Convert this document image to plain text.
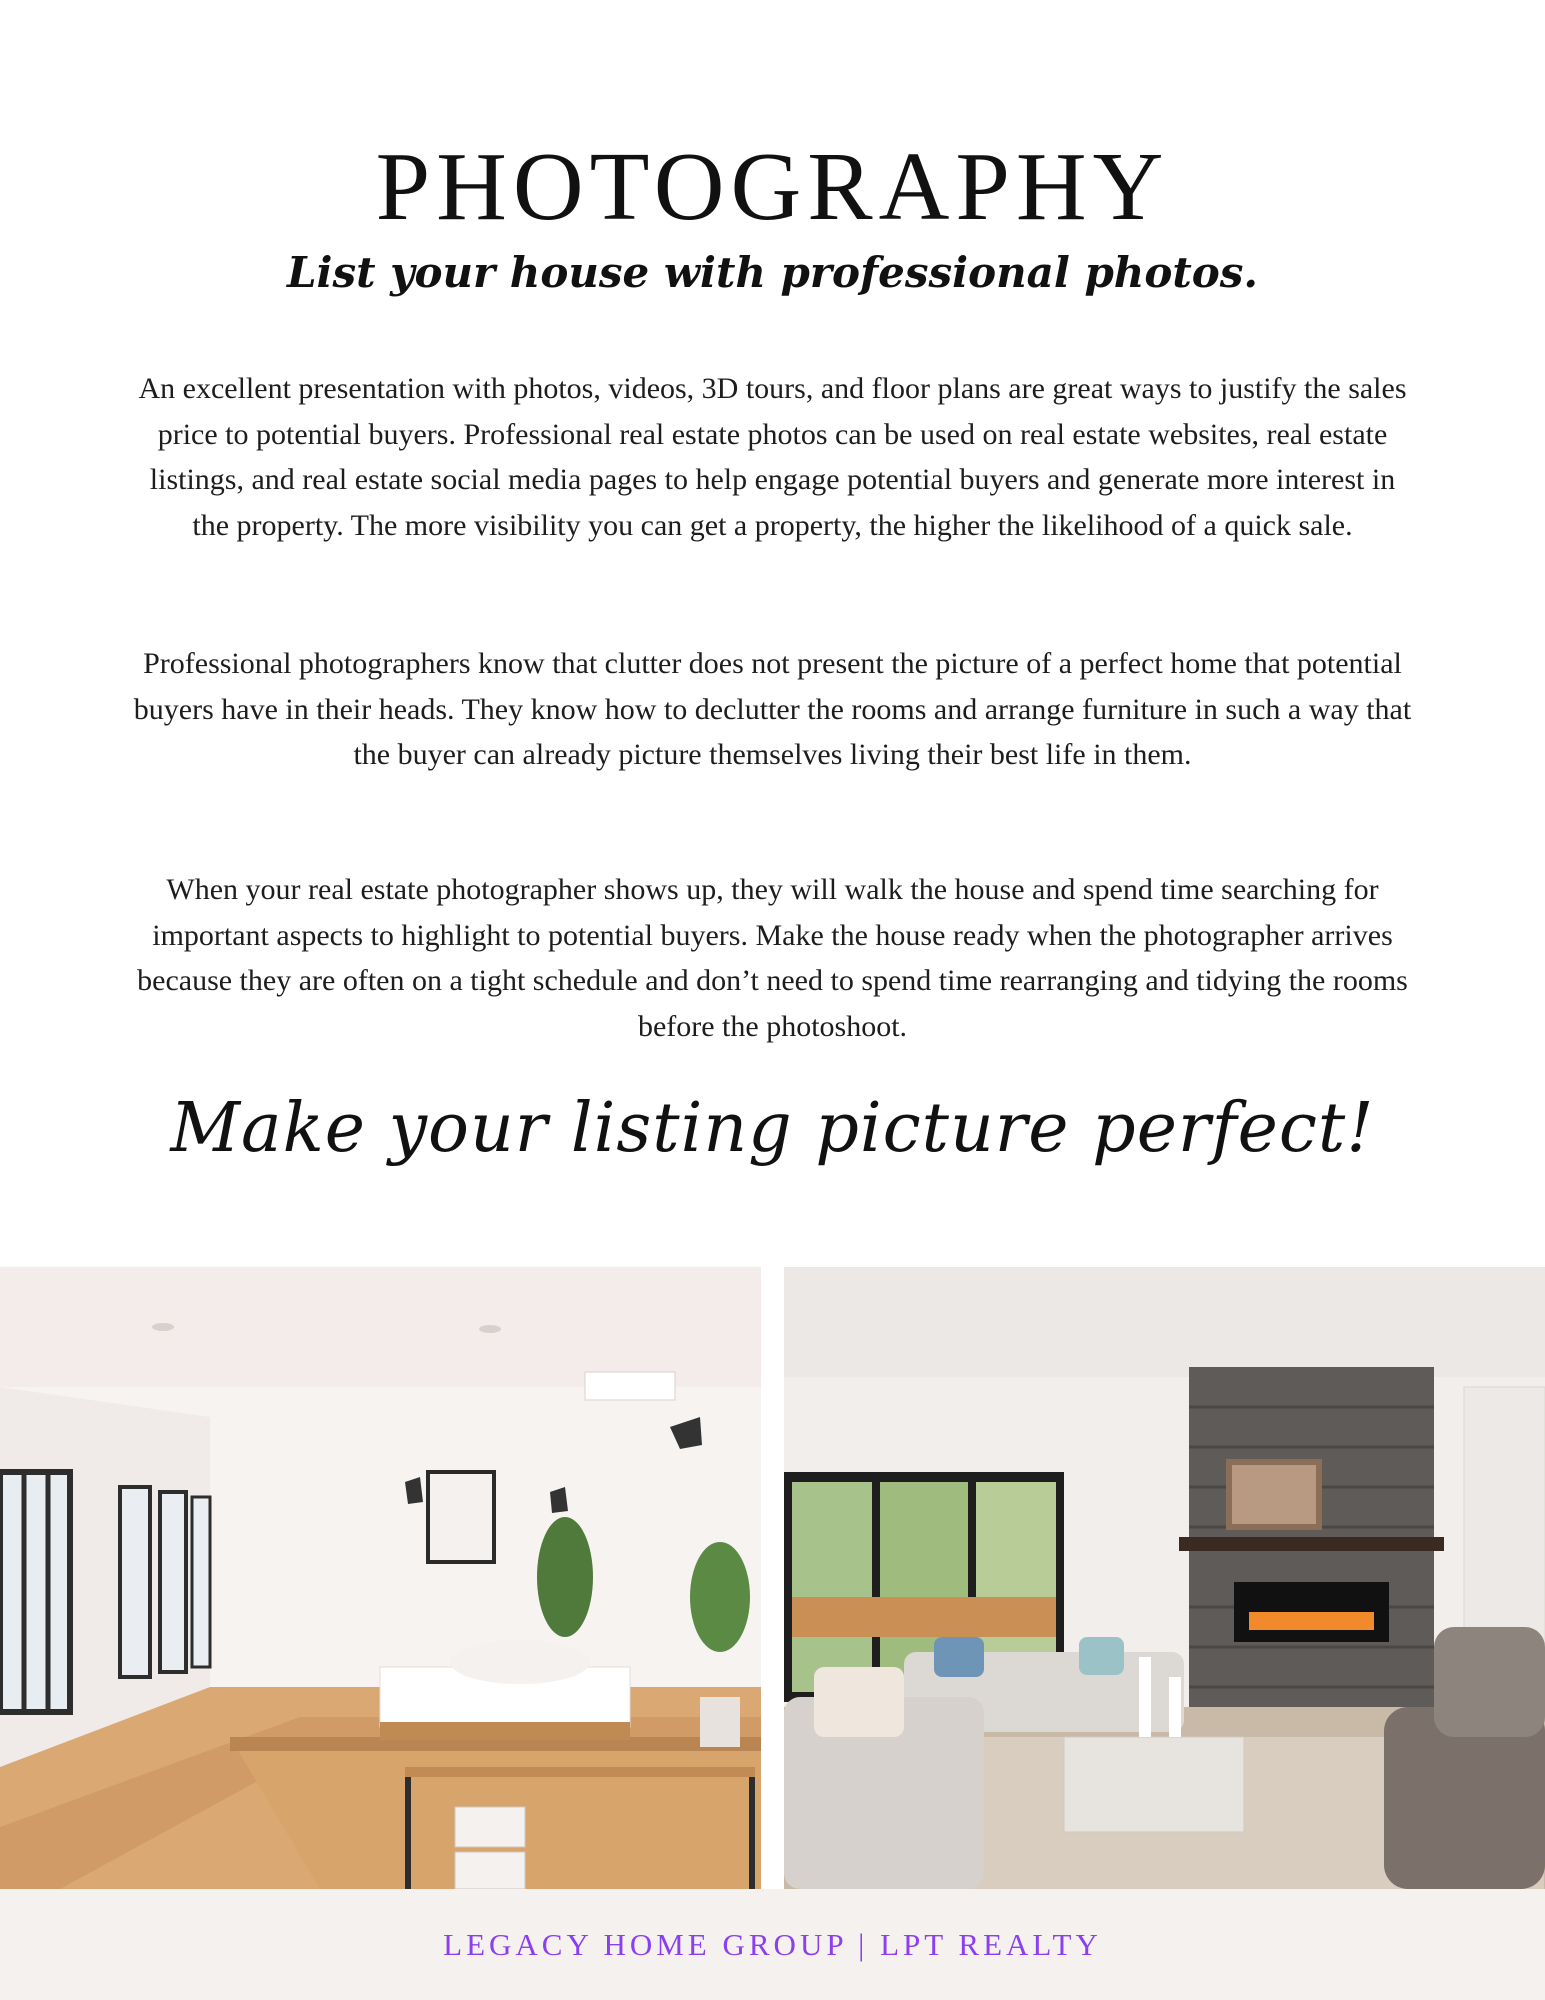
PHOTOGRAPHY
List your house with professional photos.

An excellent presentation with photos, videos, 3D tours, and floor plans are great ways to justify the sales price to potential buyers. Professional real estate photos can be used on real estate websites, real estate listings, and real estate social media pages to help engage potential buyers and generate more interest in the property. The more visibility you can get a property, the higher the likelihood of a quick sale.

Professional photographers know that clutter does not present the picture of a perfect home that potential buyers have in their heads. They know how to declutter the rooms and arrange furniture in such a way that the buyer can already picture themselves living their best life in them.

When your real estate photographer shows up, they will walk the house and spend time searching for important aspects to highlight to potential buyers. Make the house ready when the photographer arrives because they are often on a tight schedule and don’t need to spend time rearranging and tidying the rooms before the photoshoot.

Make your listing picture perfect!

LEGACY HOME GROUP | LPT REALTY
